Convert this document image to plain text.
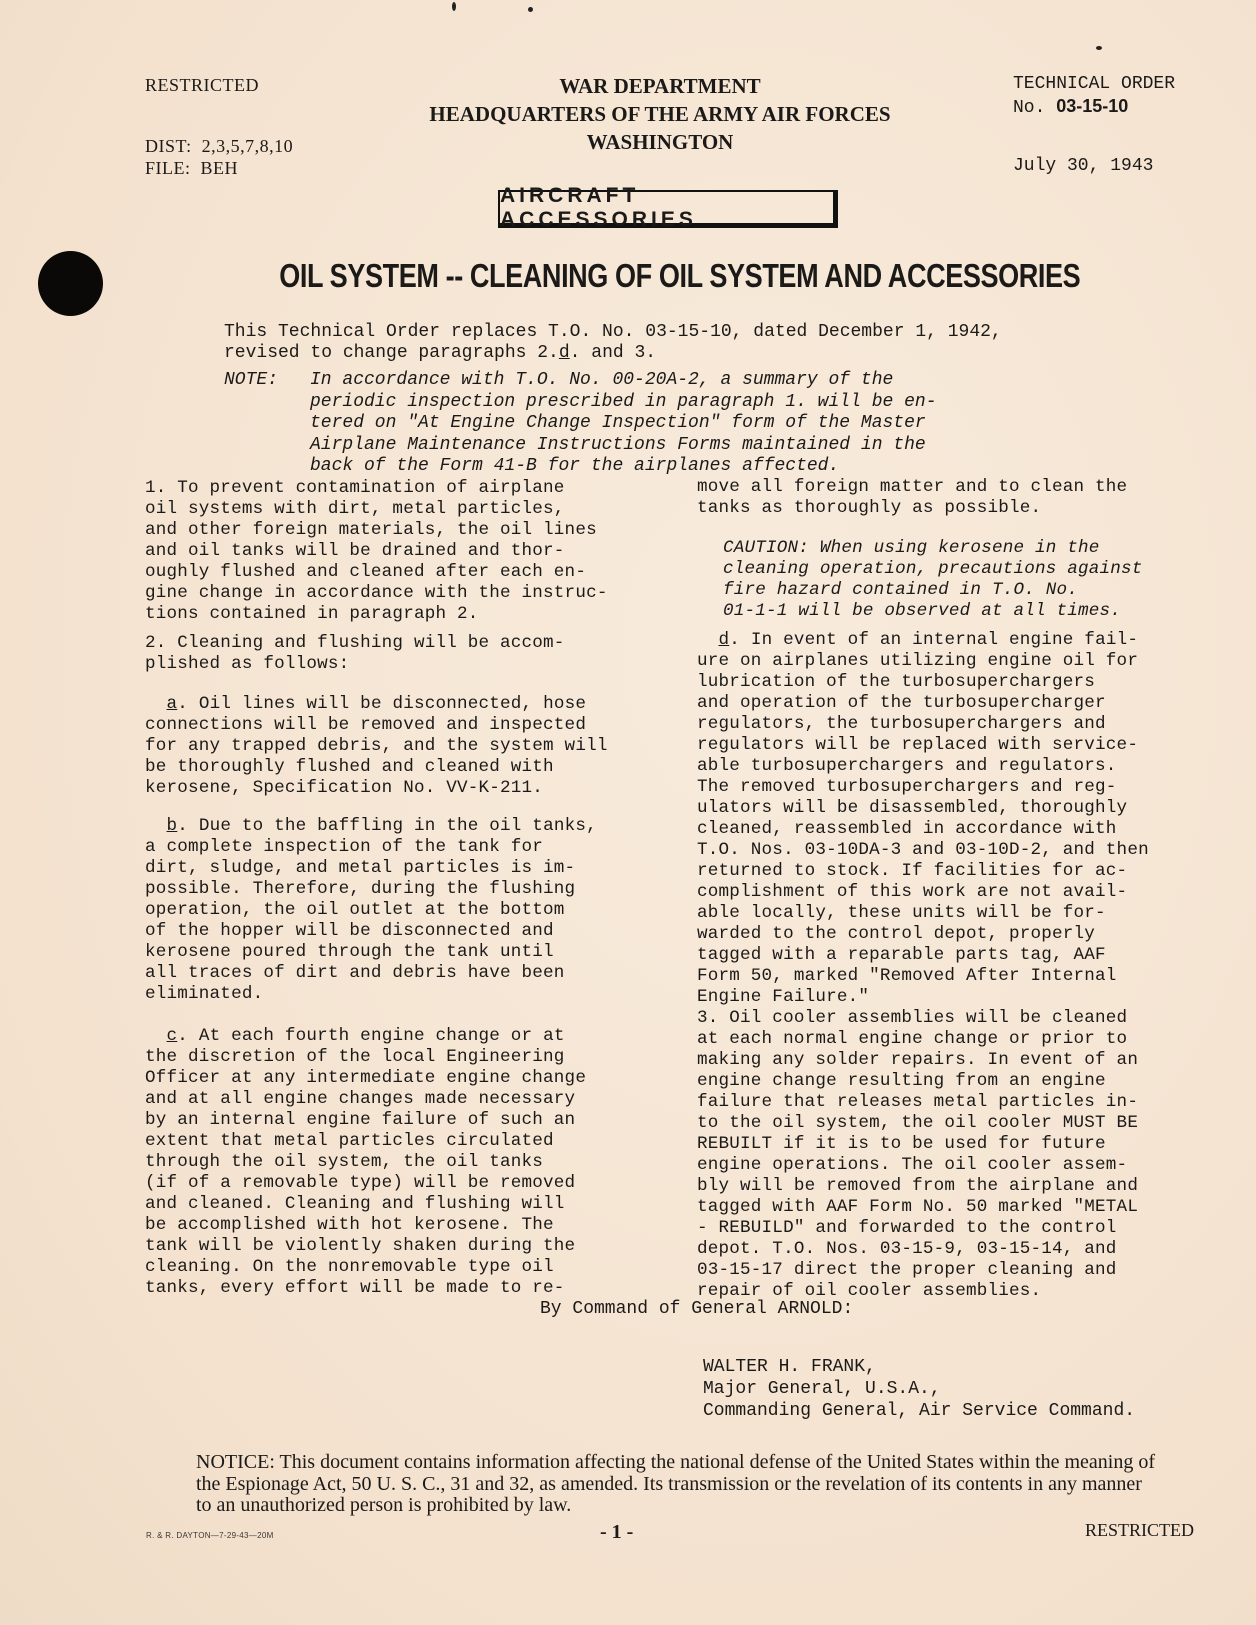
RESTRICTED
DIST: 2,3,5,7,8,10
FILE: BEH
WAR DEPARTMENT
HEADQUARTERS OF THE ARMY AIR FORCES
WASHINGTON
TECHNICAL ORDER
No. 03-15-10
July 30, 1943
AIRCRAFT ACCESSORIES
OIL SYSTEM -- CLEANING OF OIL SYSTEM AND ACCESSORIES
This Technical Order replaces T.O. No. 03-15-10, dated December 1, 1942,
revised to change paragraphs 2.d. and 3.
NOTE: In accordance with T.O. No. 00-20A-2, a summary of the
periodic inspection prescribed in paragraph 1. will be en-
tered on "At Engine Change Inspection" form of the Master
Airplane Maintenance Instructions Forms maintained in the
back of the Form 41-B for the airplanes affected.

1. To prevent contamination of airplane

oil systems with dirt, metal particles,

and other foreign materials, the oil lines

and oil tanks will be drained and thor-

oughly flushed and cleaned after each en-

gine change in accordance with the instruc-

tions contained in paragraph 2.

2. Cleaning and flushing will be accom-

plished as follows:

a. Oil lines will be disconnected, hose

connections will be removed and inspected

for any trapped debris, and the system will

be thoroughly flushed and cleaned with

kerosene, Specification No. VV-K-211.

b. Due to the baffling in the oil tanks,

a complete inspection of the tank for

dirt, sludge, and metal particles is im-

possible. Therefore, during the flushing

operation, the oil outlet at the bottom

of the hopper will be disconnected and

kerosene poured through the tank until

all traces of dirt and debris have been

eliminated.

c. At each fourth engine change or at

the discretion of the local Engineering

Officer at any intermediate engine change

and at all engine changes made necessary

by an internal engine failure of such an

extent that metal particles circulated

through the oil system, the oil tanks

(if of a removable type) will be removed

and cleaned. Cleaning and flushing will

be accomplished with hot kerosene. The

tank will be violently shaken during the

cleaning. On the nonremovable type oil

tanks, every effort will be made to re-

move all foreign matter and to clean the

tanks as thoroughly as possible.

CAUTION: When using kerosene in the

cleaning operation, precautions against

fire hazard contained in T.O. No.

01-1-1 will be observed at all times.

d. In event of an internal engine fail-

ure on airplanes utilizing engine oil for

lubrication of the turbosuperchargers

and operation of the turbosupercharger

regulators, the turbosuperchargers and

regulators will be replaced with service-

able turbosuperchargers and regulators.

The removed turbosuperchargers and reg-

ulators will be disassembled, thoroughly

cleaned, reassembled in accordance with

T.O. Nos. 03-10DA-3 and 03-10D-2, and then

returned to stock. If facilities for ac-

complishment of this work are not avail-

able locally, these units will be for-

warded to the control depot, properly

tagged with a reparable parts tag, AAF

Form 50, marked "Removed After Internal

Engine Failure."

3. Oil cooler assemblies will be cleaned

at each normal engine change or prior to

making any solder repairs. In event of an

engine change resulting from an engine

failure that releases metal particles in-

to the oil system, the oil cooler MUST BE

REBUILT if it is to be used for future

engine operations. The oil cooler assem-

bly will be removed from the airplane and

tagged with AAF Form No. 50 marked "METAL

- REBUILD" and forwarded to the control

depot. T.O. Nos. 03-15-9, 03-15-14, and

03-15-17 direct the proper cleaning and

repair of oil cooler assemblies.

By Command of General ARNOLD:
WALTER H. FRANK,
Major General, U.S.A.,
Commanding General, Air Service Command.
NOTICE: This document contains information affecting the national defense of the United States within the meaning of the Espionage Act, 50 U. S. C., 31 and 32, as amended. Its transmission or the revelation of its contents in any manner to an unauthorized person is prohibited by law.
R. & R. DAYTON—7-29-43—20M	- 1 -	RESTRICTED
